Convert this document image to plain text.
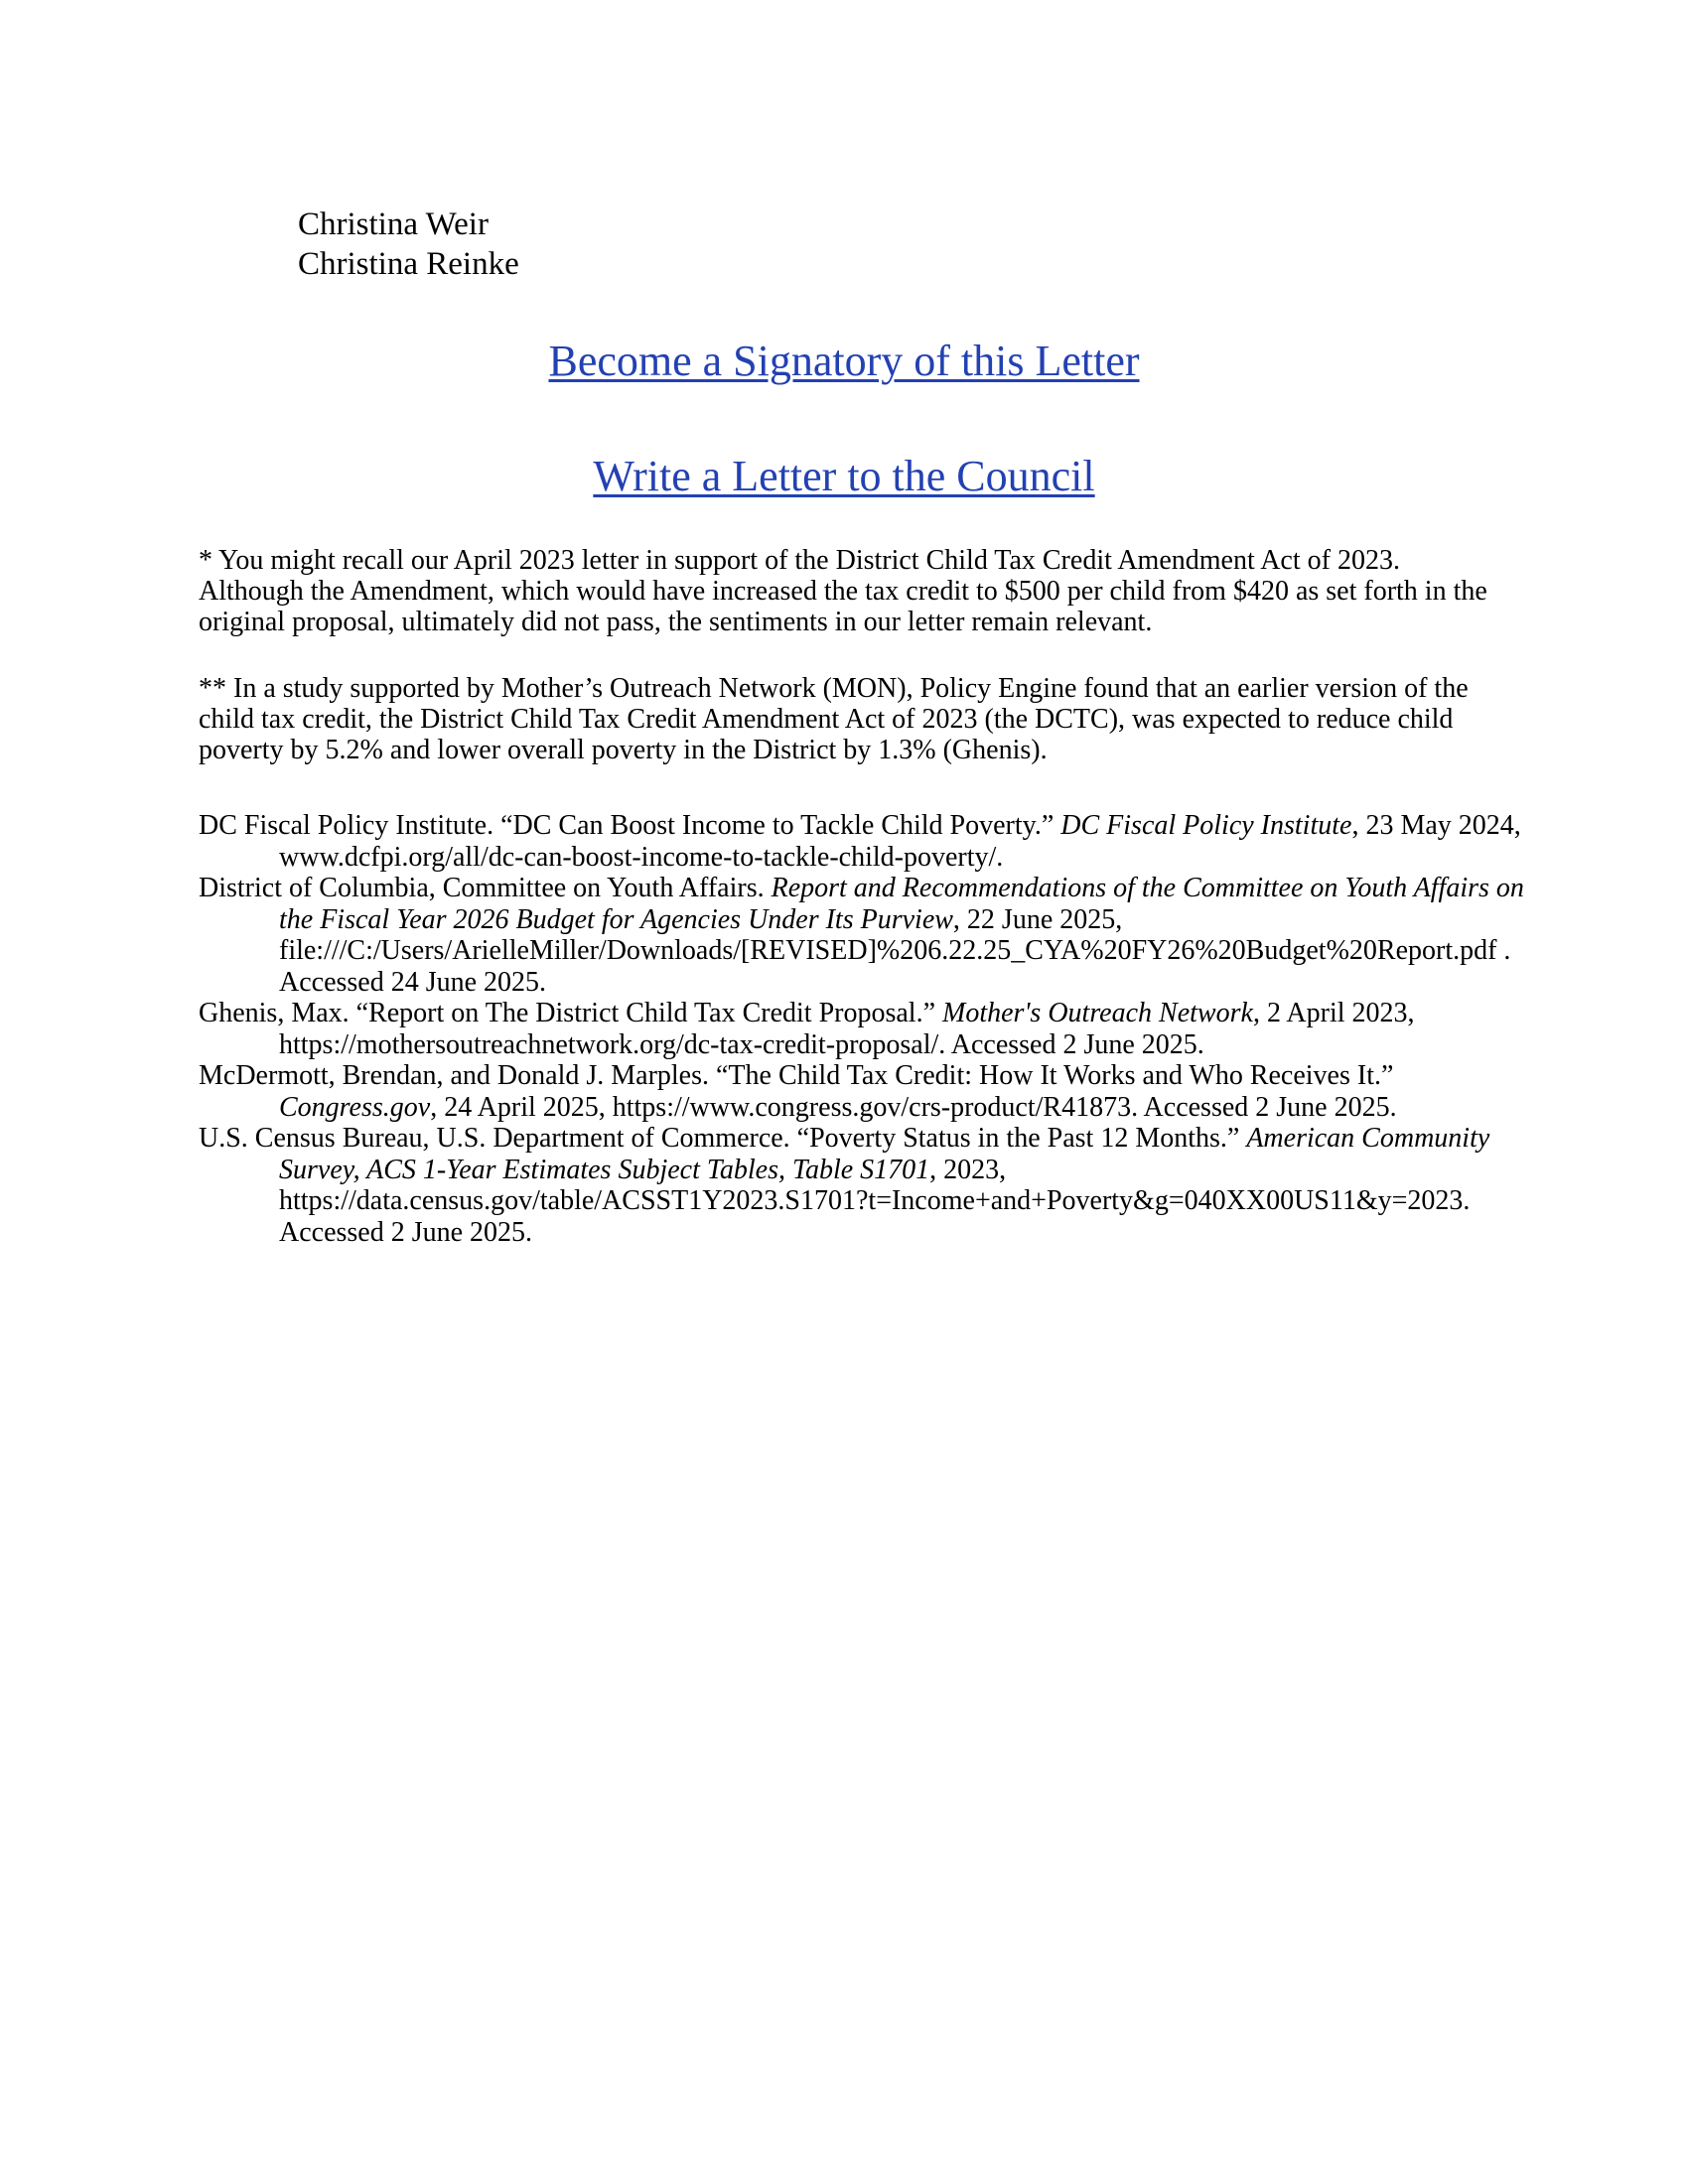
Christina Weir
Christina Reinke
Become a Signatory of this Letter
Write a Letter to the Council

* You might recall our April 2023 letter in support of the District Child Tax Credit Amendment Act of 2023. Although the Amendment, which would have increased the tax credit to $500 per child from $420 as set forth in the original proposal, ultimately did not pass, the sentiments in our letter remain relevant.

** In a study supported by Mother’s Outreach Network (MON), Policy Engine found that an earlier version of the child tax credit, the District Child Tax Credit Amendment Act of 2023 (the DCTC), was expected to reduce child poverty by 5.2% and lower overall poverty in the District by 1.3% (Ghenis).

DC Fiscal Policy Institute. “DC Can Boost Income to Tackle Child Poverty.” DC Fiscal Policy Institute, 23 May 2024, www.dcfpi.org/all/dc-can-boost-income-to-tackle-child-poverty/.

District of Columbia, Committee on Youth Affairs. Report and Recommendations of the Committee on Youth Affairs on the Fiscal Year 2026 Budget for Agencies Under Its Purview, 22 June 2025, file:///C:/Users/ArielleMiller/Downloads/[REVISED]%206.22.25_CYA%20FY26%20Budget%20Report.pdf . Accessed 24 June 2025.

Ghenis, Max. “Report on The District Child Tax Credit Proposal.” Mother's Outreach Network, 2 April 2023, https://mothersoutreachnetwork.org/dc-tax-credit-proposal/. Accessed 2 June 2025.

McDermott, Brendan, and Donald J. Marples. “The Child Tax Credit: How It Works and Who Receives It.” Congress.gov, 24 April 2025, https://www.congress.gov/crs-product/R41873. Accessed 2 June 2025.

U.S. Census Bureau, U.S. Department of Commerce. “Poverty Status in the Past 12 Months.” American Community Survey, ACS 1-Year Estimates Subject Tables, Table S1701, 2023, https://data.census.gov/table/ACSST1Y2023.S1701?t=Income+and+Poverty&g=040XX00US11&y=2023. Accessed 2 June 2025.
